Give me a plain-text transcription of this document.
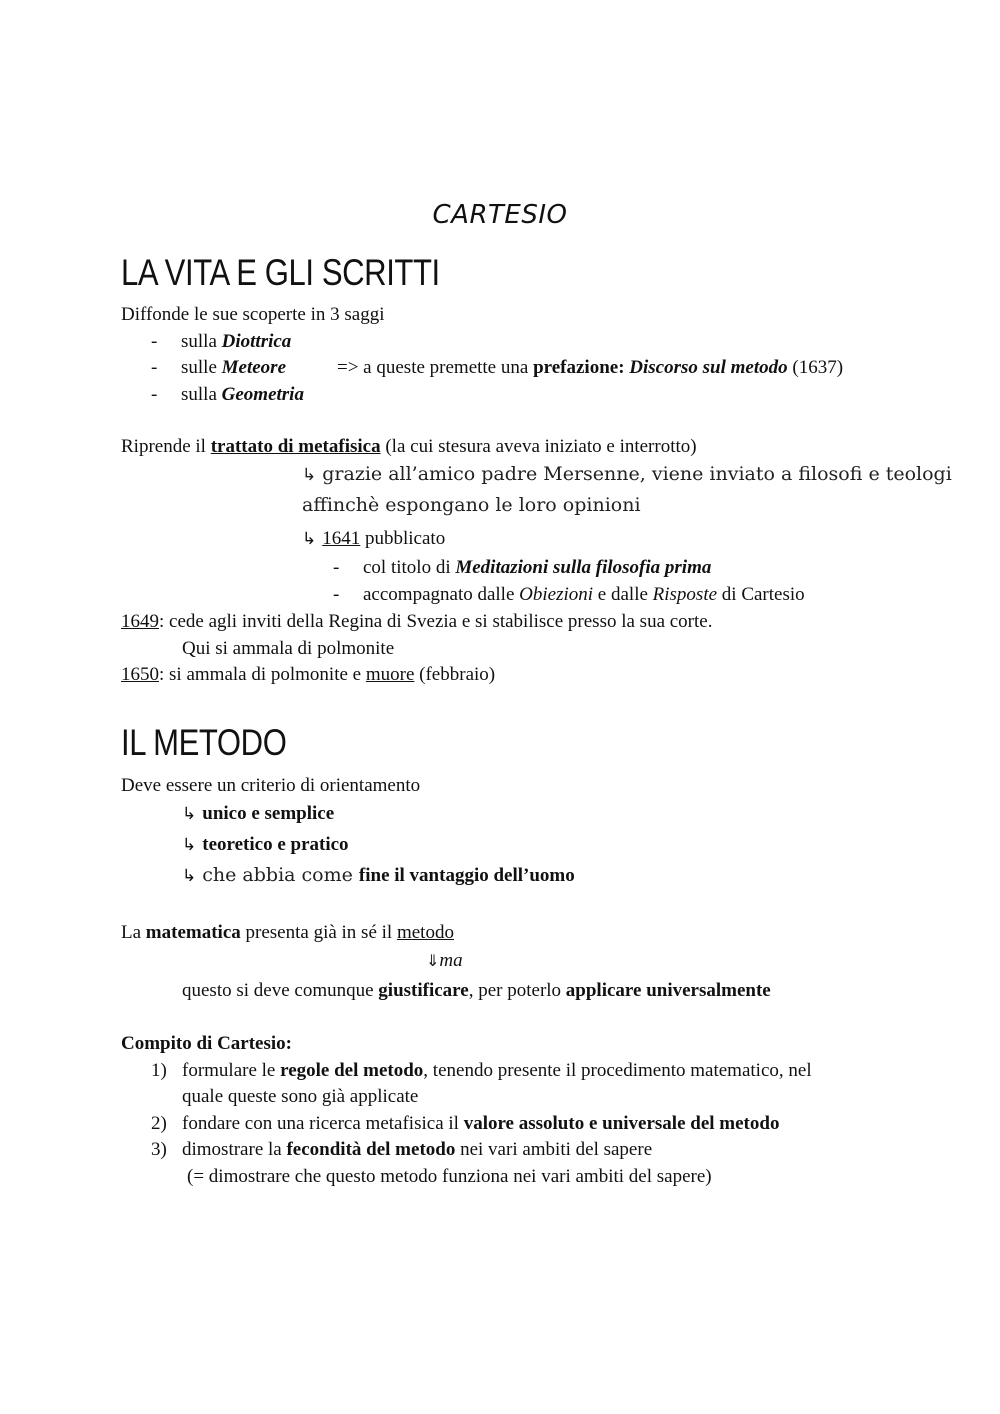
CARTESIO
LA VITA E GLI SCRITTI
Diffonde le sue scoperte in 3 saggi
- sulla Diottrica
- sulle Meteore	=> a queste premette una prefazione: Discorso sul metodo (1637)
- sulla Geometria
Riprende il trattato di metafisica (la cui stesura aveva iniziato e interrotto)
↳ grazie all’amico padre Mersenne, viene inviato a filosofi e teologi
affinchè espongano le loro opinioni
↳ 1641 pubblicato
- col titolo di Meditazioni sulla filosofia prima
- accompagnato dalle Obiezioni e dalle Risposte di Cartesio
1649: cede agli inviti della Regina di Svezia e si stabilisce presso la sua corte.
Qui si ammala di polmonite
1650: si ammala di polmonite e muore (febbraio)
IL METODO
Deve essere un criterio di orientamento
↳ unico e semplice
↳ teoretico e pratico
↳ che abbia come fine il vantaggio dell’uomo
La matematica presenta già in sé il metodo
⇓ma
questo si deve comunque giustificare, per poterlo applicare universalmente
Compito di Cartesio:
1) formulare le regole del metodo, tenendo presente il procedimento matematico, nel
quale queste sono già applicate
2) fondare con una ricerca metafisica il valore assoluto e universale del metodo
3) dimostrare la fecondità del metodo nei vari ambiti del sapere
(= dimostrare che questo metodo funziona nei vari ambiti del sapere)
